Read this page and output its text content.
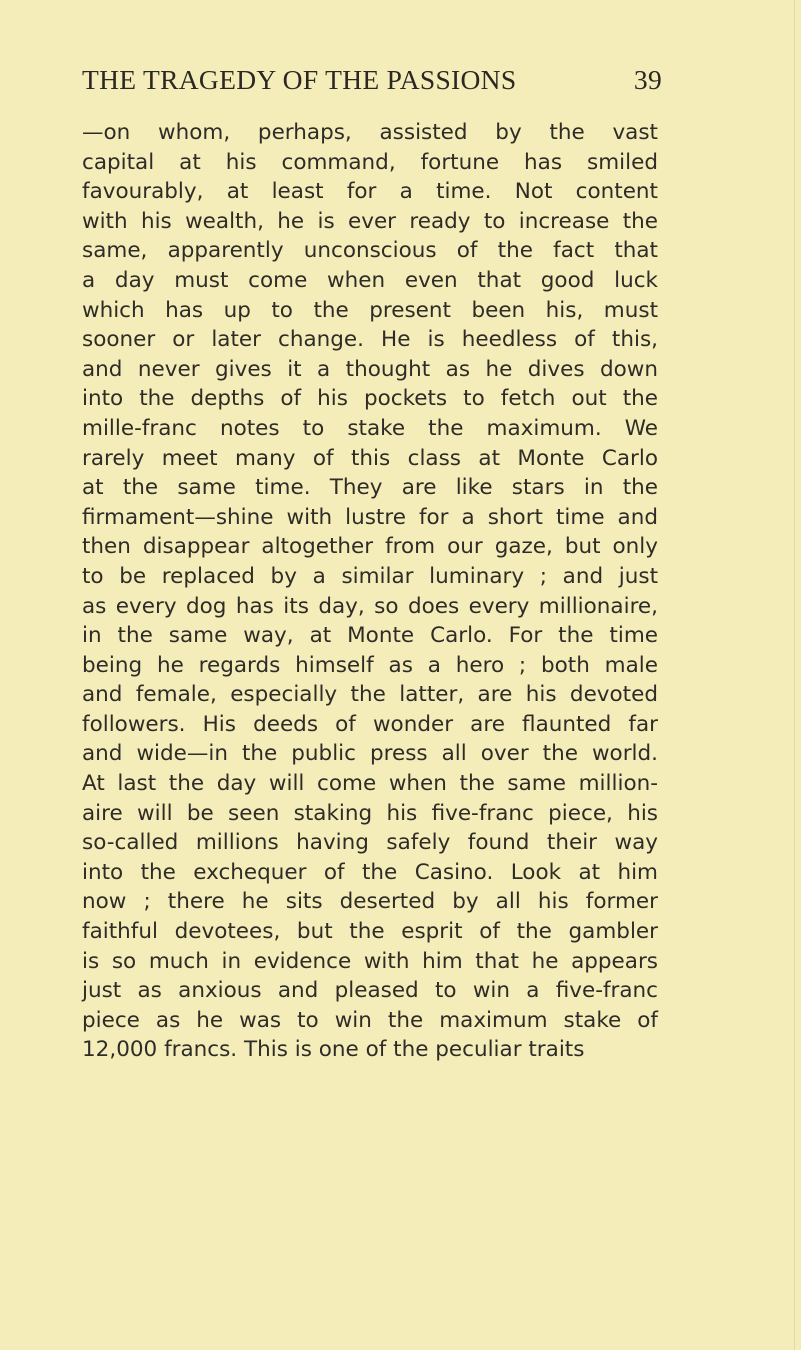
THE TRAGEDY OF THE PASSIONS	39
—on whom, perhaps, assisted by the vast
capital at his command, fortune has smiled
favourably, at least for a time. Not content
with his wealth, he is ever ready to increase the
same, apparently unconscious of the fact that
a day must come when even that good luck
which has up to the present been his, must
sooner or later change. He is heedless of this,
and never gives it a thought as he dives down
into the depths of his pockets to fetch out the
mille-franc notes to stake the maximum. We
rarely meet many of this class at Monte Carlo
at the same time. They are like stars in the
firmament—shine with lustre for a short time and
then disappear altogether from our gaze, but only
to be replaced by a similar luminary ; and just
as every dog has its day, so does every millionaire,
in the same way, at Monte Carlo. For the time
being he regards himself as a hero ; both male
and female, especially the latter, are his devoted
followers. His deeds of wonder are flaunted far
and wide—in the public press all over the world.
At last the day will come when the same million-
aire will be seen staking his five-franc piece, his
so-called millions having safely found their way
into the exchequer of the Casino. Look at him
now ; there he sits deserted by all his former
faithful devotees, but the esprit of the gambler
is so much in evidence with him that he appears
just as anxious and pleased to win a five-franc
piece as he was to win the maximum stake of
12,000 francs. This is one of the peculiar traits
